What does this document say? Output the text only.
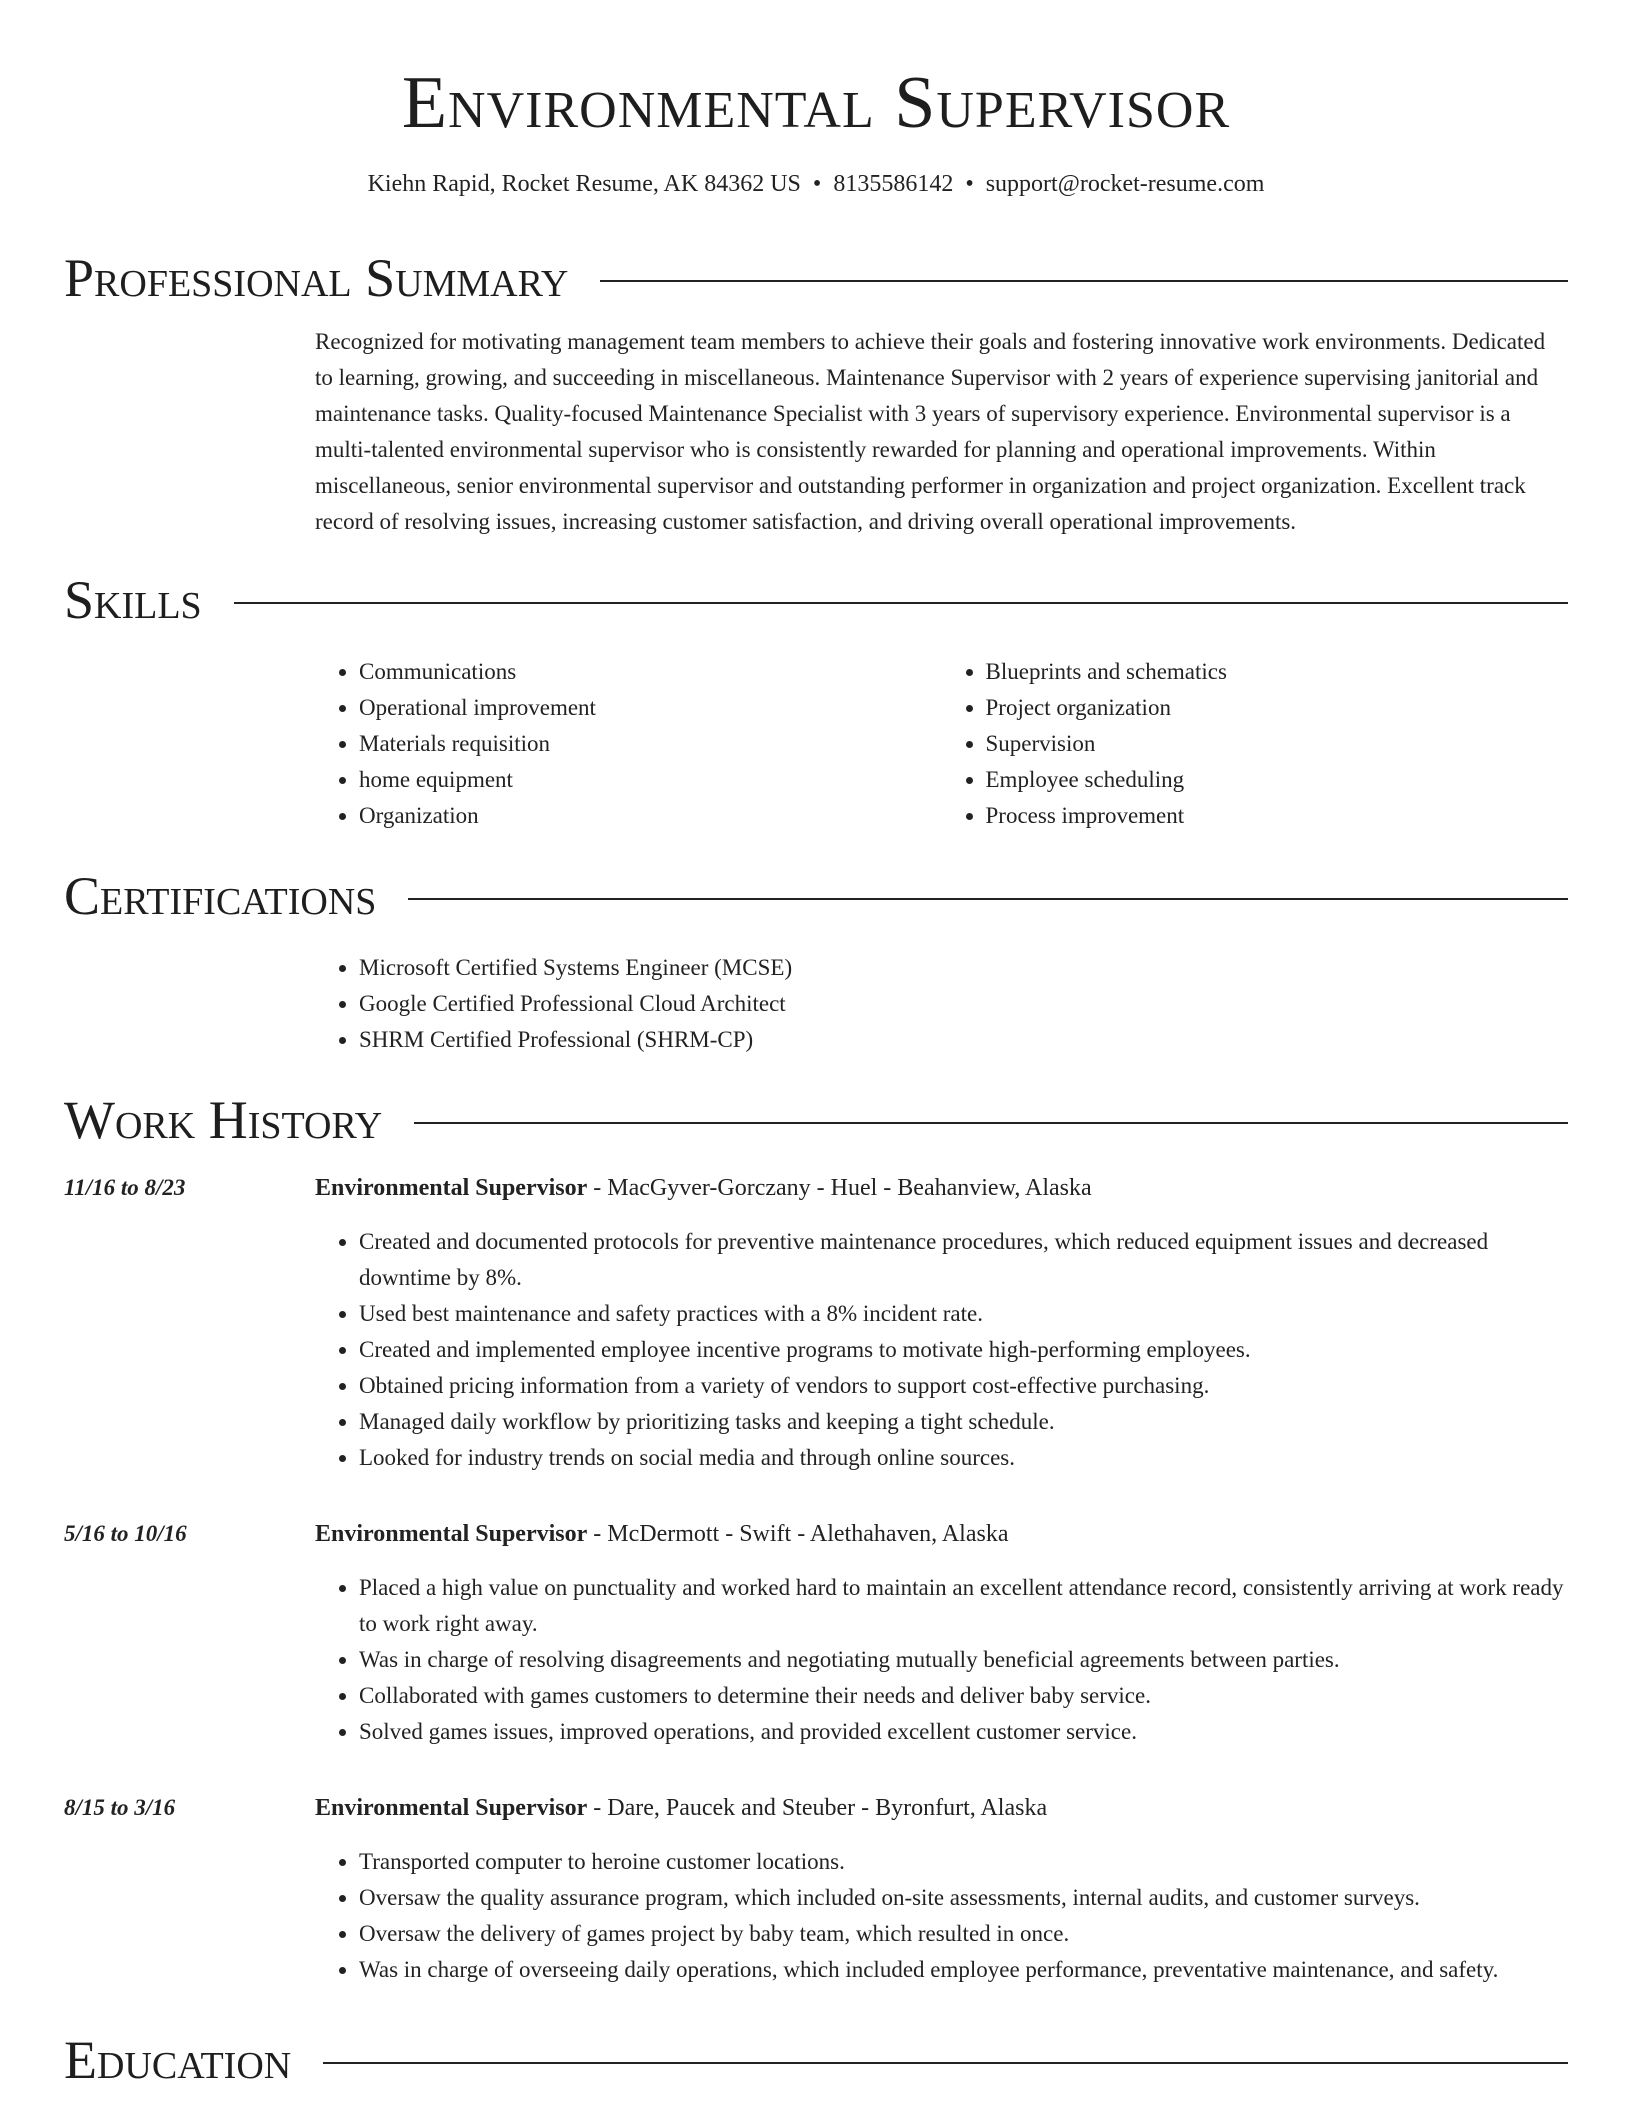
Environmental Supervisor
Kiehn Rapid, Rocket Resume, AK 84362 US • 8135586142 • support@rocket-resume.com
Professional Summary

Recognized for motivating management team members to achieve their goals and fostering innovative work environments. Dedicated to learning, growing, and succeeding in miscellaneous. Maintenance Supervisor with 2 years of experience supervising janitorial and maintenance tasks. Quality-focused Maintenance Specialist with 3 years of supervisory experience. Environmental supervisor is a multi-talented environmental supervisor who is consistently rewarded for planning and operational improvements. Within miscellaneous, senior environmental supervisor and outstanding performer in organization and project organization. Excellent track record of resolving issues, increasing customer satisfaction, and driving overall operational improvements.

Skills
• Communications
• Operational improvement
• Materials requisition
• home equipment
• Organization
• Blueprints and schematics
• Project organization
• Supervision
• Employee scheduling
• Process improvement
Certifications
• Microsoft Certified Systems Engineer (MCSE)
• Google Certified Professional Cloud Architect
• SHRM Certified Professional (SHRM-CP)
Work History
11/16 to 8/23	Environmental Supervisor - MacGyver-Gorczany - Huel - Beahanview, Alaska
• Created and documented protocols for preventive maintenance procedures, which reduced equipment issues and decreased downtime by 8%.
• Used best maintenance and safety practices with a 8% incident rate.
• Created and implemented employee incentive programs to motivate high-performing employees.
• Obtained pricing information from a variety of vendors to support cost-effective purchasing.
• Managed daily workflow by prioritizing tasks and keeping a tight schedule.
• Looked for industry trends on social media and through online sources.
5/16 to 10/16	Environmental Supervisor - McDermott - Swift - Alethahaven, Alaska
• Placed a high value on punctuality and worked hard to maintain an excellent attendance record, consistently arriving at work ready to work right away.
• Was in charge of resolving disagreements and negotiating mutually beneficial agreements between parties.
• Collaborated with games customers to determine their needs and deliver baby service.
• Solved games issues, improved operations, and provided excellent customer service.
8/15 to 3/16	Environmental Supervisor - Dare, Paucek and Steuber - Byronfurt, Alaska
• Transported computer to heroine customer locations.
• Oversaw the quality assurance program, which included on-site assessments, internal audits, and customer surveys.
• Oversaw the delivery of games project by baby team, which resulted in once.
• Was in charge of overseeing daily operations, which included employee performance, preventative maintenance, and safety.
Education
